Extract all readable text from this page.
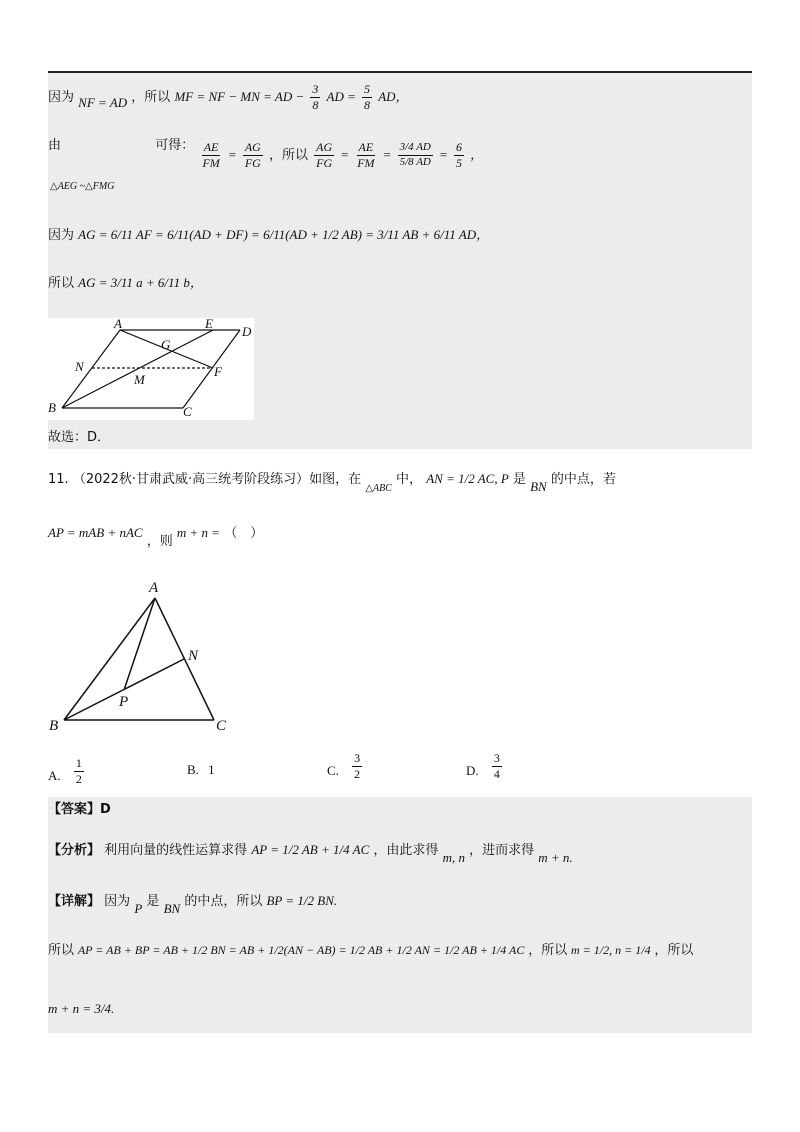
因为 NF = AD ，所以 MF = NF − MN = AD − $\frac{3}{8}$ AD = $\frac{5}{8}$ AD，
由
△AEG ~△FMG
可得： $\frac{AE}{FM} = \frac{AG}{FG}$ ，所以 $\frac{AG}{FG} = \frac{AE}{FM} = \frac{3/4 AD}{5/8 AD} = \frac{6}{5}$ ，
因为 AG = 6/11 AF = 6/11(AD + DF) = 6/11(AD + 1/2 AB) = 3/11 AB + 6/11 AD，
所以 AG = 3/11 a + 6/11 b，
A	E
D
G
N
M
F
B	C
故选：D．
11. （2022秋·甘肃武威·高三统考阶段练习）如图，在 $_{\triangle ABC}$ 中， AN = 1/2 AC, P 是 BN 的中点，若
AP = mAB + nAC ，则 m + n = （　）
A
N
P
B	C
A. $\frac{1}{2}$	B. 1	C. $\frac{3}{2}$	D. $\frac{3}{4}$
【答案】D
【分析】 利用向量的线性运算求得 AP = 1/2 AB + 1/4 AC ，由此求得 m, n ，进而求得 m + n.
【详解】 因为 P 是 BN 的中点，所以 BP = 1/2 BN.
所以 AP = AB + BP = AB + 1/2 BN = AB + 1/2(AN − AB) = 1/2 AB + 1/2 AN = 1/2 AB + 1/4 AC ，所以 m = 1/2, n = 1/4 ，所以
m + n = 3/4.
